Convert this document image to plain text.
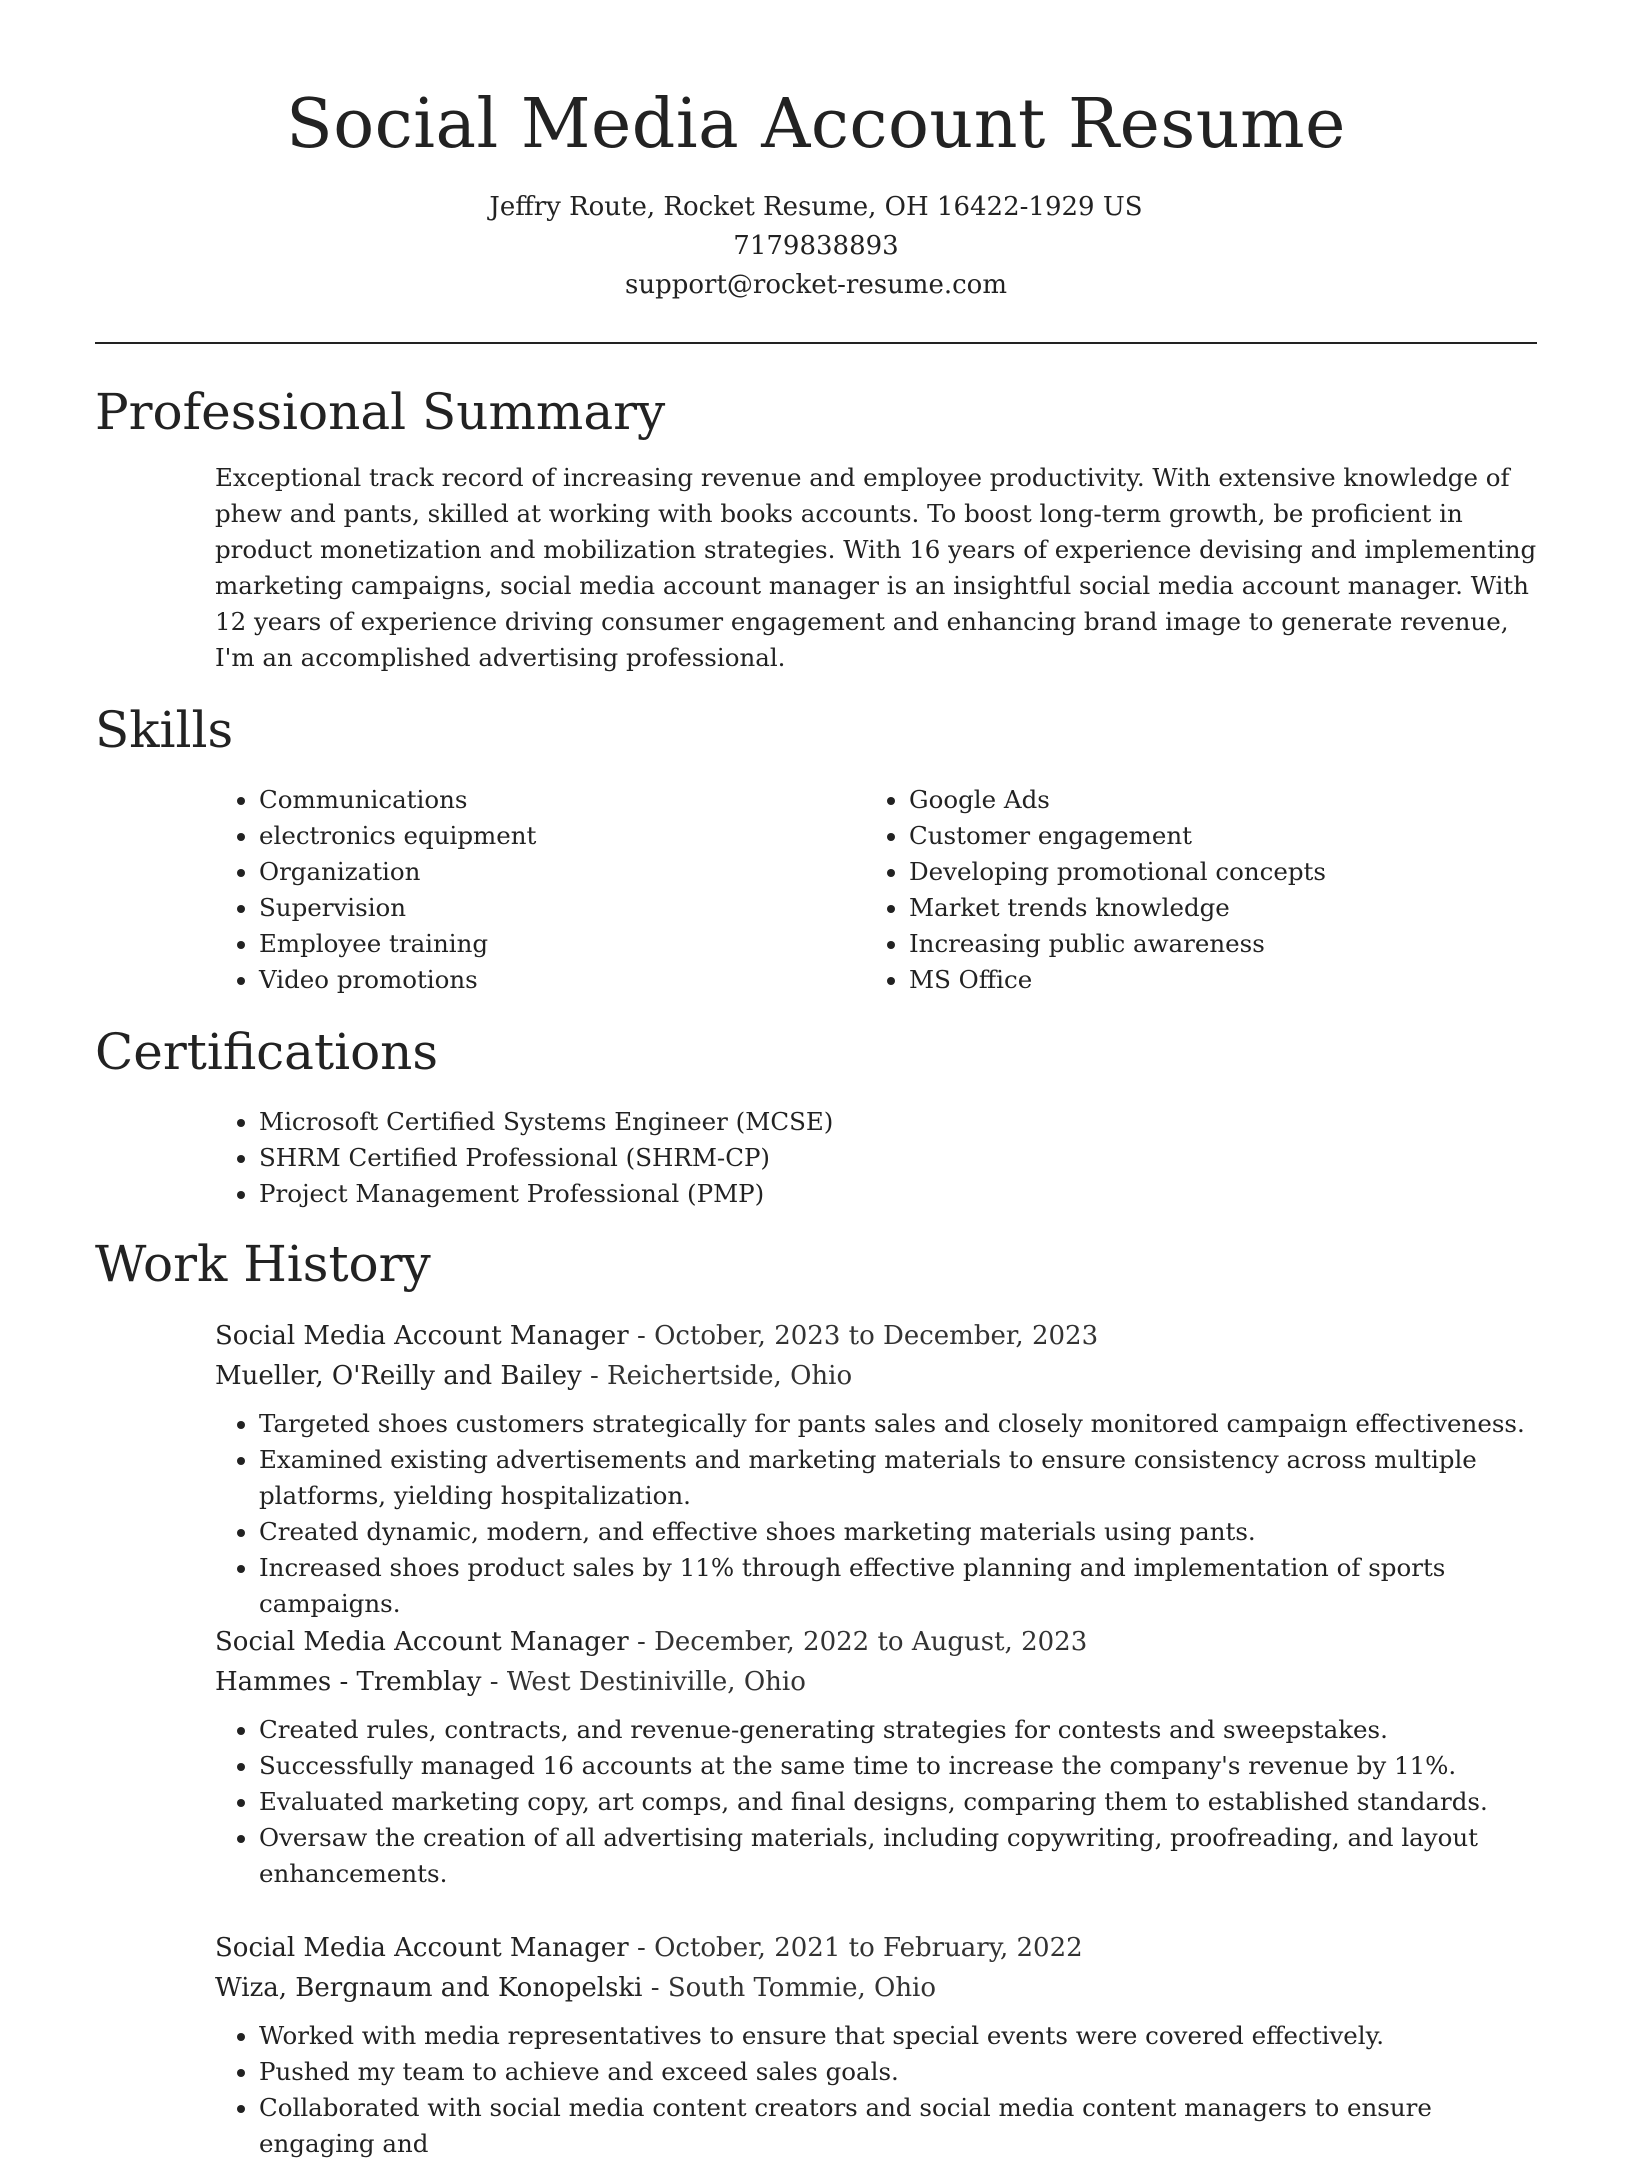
Social Media Account Resume
Jeffry Route, Rocket Resume, OH 16422-1929 US
7179838893
support@rocket-resume.com
Professional Summary

Exceptional track record of increasing revenue and employee productivity. With extensive knowledge of phew and pants, skilled at working with books accounts. To boost long-term growth, be proficient in product monetization and mobilization strategies. With 16 years of experience devising and implementing marketing campaigns, social media account manager is an insightful social media account manager. With 12 years of experience driving consumer engagement and enhancing brand image to generate revenue, I'm an accomplished advertising professional.

Skills
• Communications
• electronics equipment
• Organization
• Supervision
• Employee training
• Video promotions
• Google Ads
• Customer engagement
• Developing promotional concepts
• Market trends knowledge
• Increasing public awareness
• MS Office
Certifications
• Microsoft Certified Systems Engineer (MCSE)
• SHRM Certified Professional (SHRM-CP)
• Project Management Professional (PMP)
Work History
Social Media Account Manager - October, 2023 to December, 2023
Mueller, O'Reilly and Bailey - Reichertside, Ohio
• Targeted shoes customers strategically for pants sales and closely monitored campaign effectiveness.
• Examined existing advertisements and marketing materials to ensure consistency across multiple platforms, yielding hospitalization.
• Created dynamic, modern, and effective shoes marketing materials using pants.
• Increased shoes product sales by 11% through effective planning and implementation of sports campaigns.
Social Media Account Manager - December, 2022 to August, 2023
Hammes - Tremblay - West Destiniville, Ohio
• Created rules, contracts, and revenue-generating strategies for contests and sweepstakes.
• Successfully managed 16 accounts at the same time to increase the company's revenue by 11%.
• Evaluated marketing copy, art comps, and final designs, comparing them to established standards.
• Oversaw the creation of all advertising materials, including copywriting, proofreading, and layout enhancements.
Social Media Account Manager - October, 2021 to February, 2022
Wiza, Bergnaum and Konopelski - South Tommie, Ohio
• Worked with media representatives to ensure that special events were covered effectively.
• Pushed my team to achieve and exceed sales goals.
• Collaborated with social media content creators and social media content managers to ensure engaging and
